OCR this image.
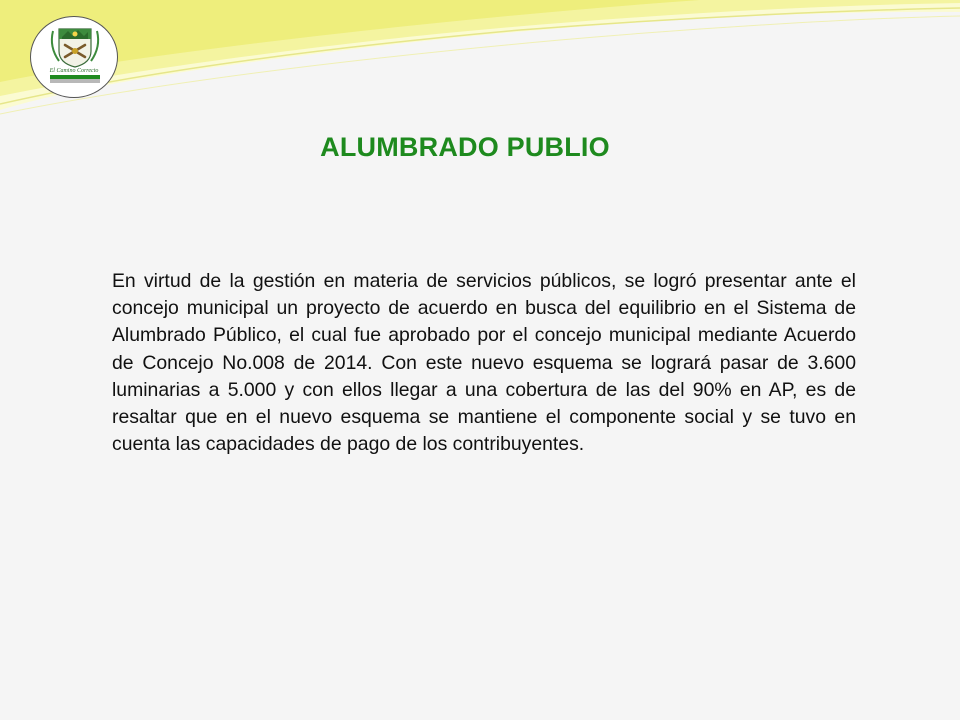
El Camino Correcto
ALUMBRADO PUBLIO

En virtud de la gestión en materia de servicios públicos, se logró presentar ante el concejo municipal un proyecto de acuerdo en busca del equilibrio en el Sistema de Alumbrado Público, el cual fue aprobado por el concejo municipal mediante Acuerdo de Concejo No.008 de 2014. Con este nuevo esquema se logrará pasar de 3.600 luminarias a 5.000 y con ellos llegar a una cobertura de las del 90% en AP, es de resaltar que en el nuevo esquema se mantiene el componente social y se tuvo en cuenta las capacidades de pago de los contribuyentes.
